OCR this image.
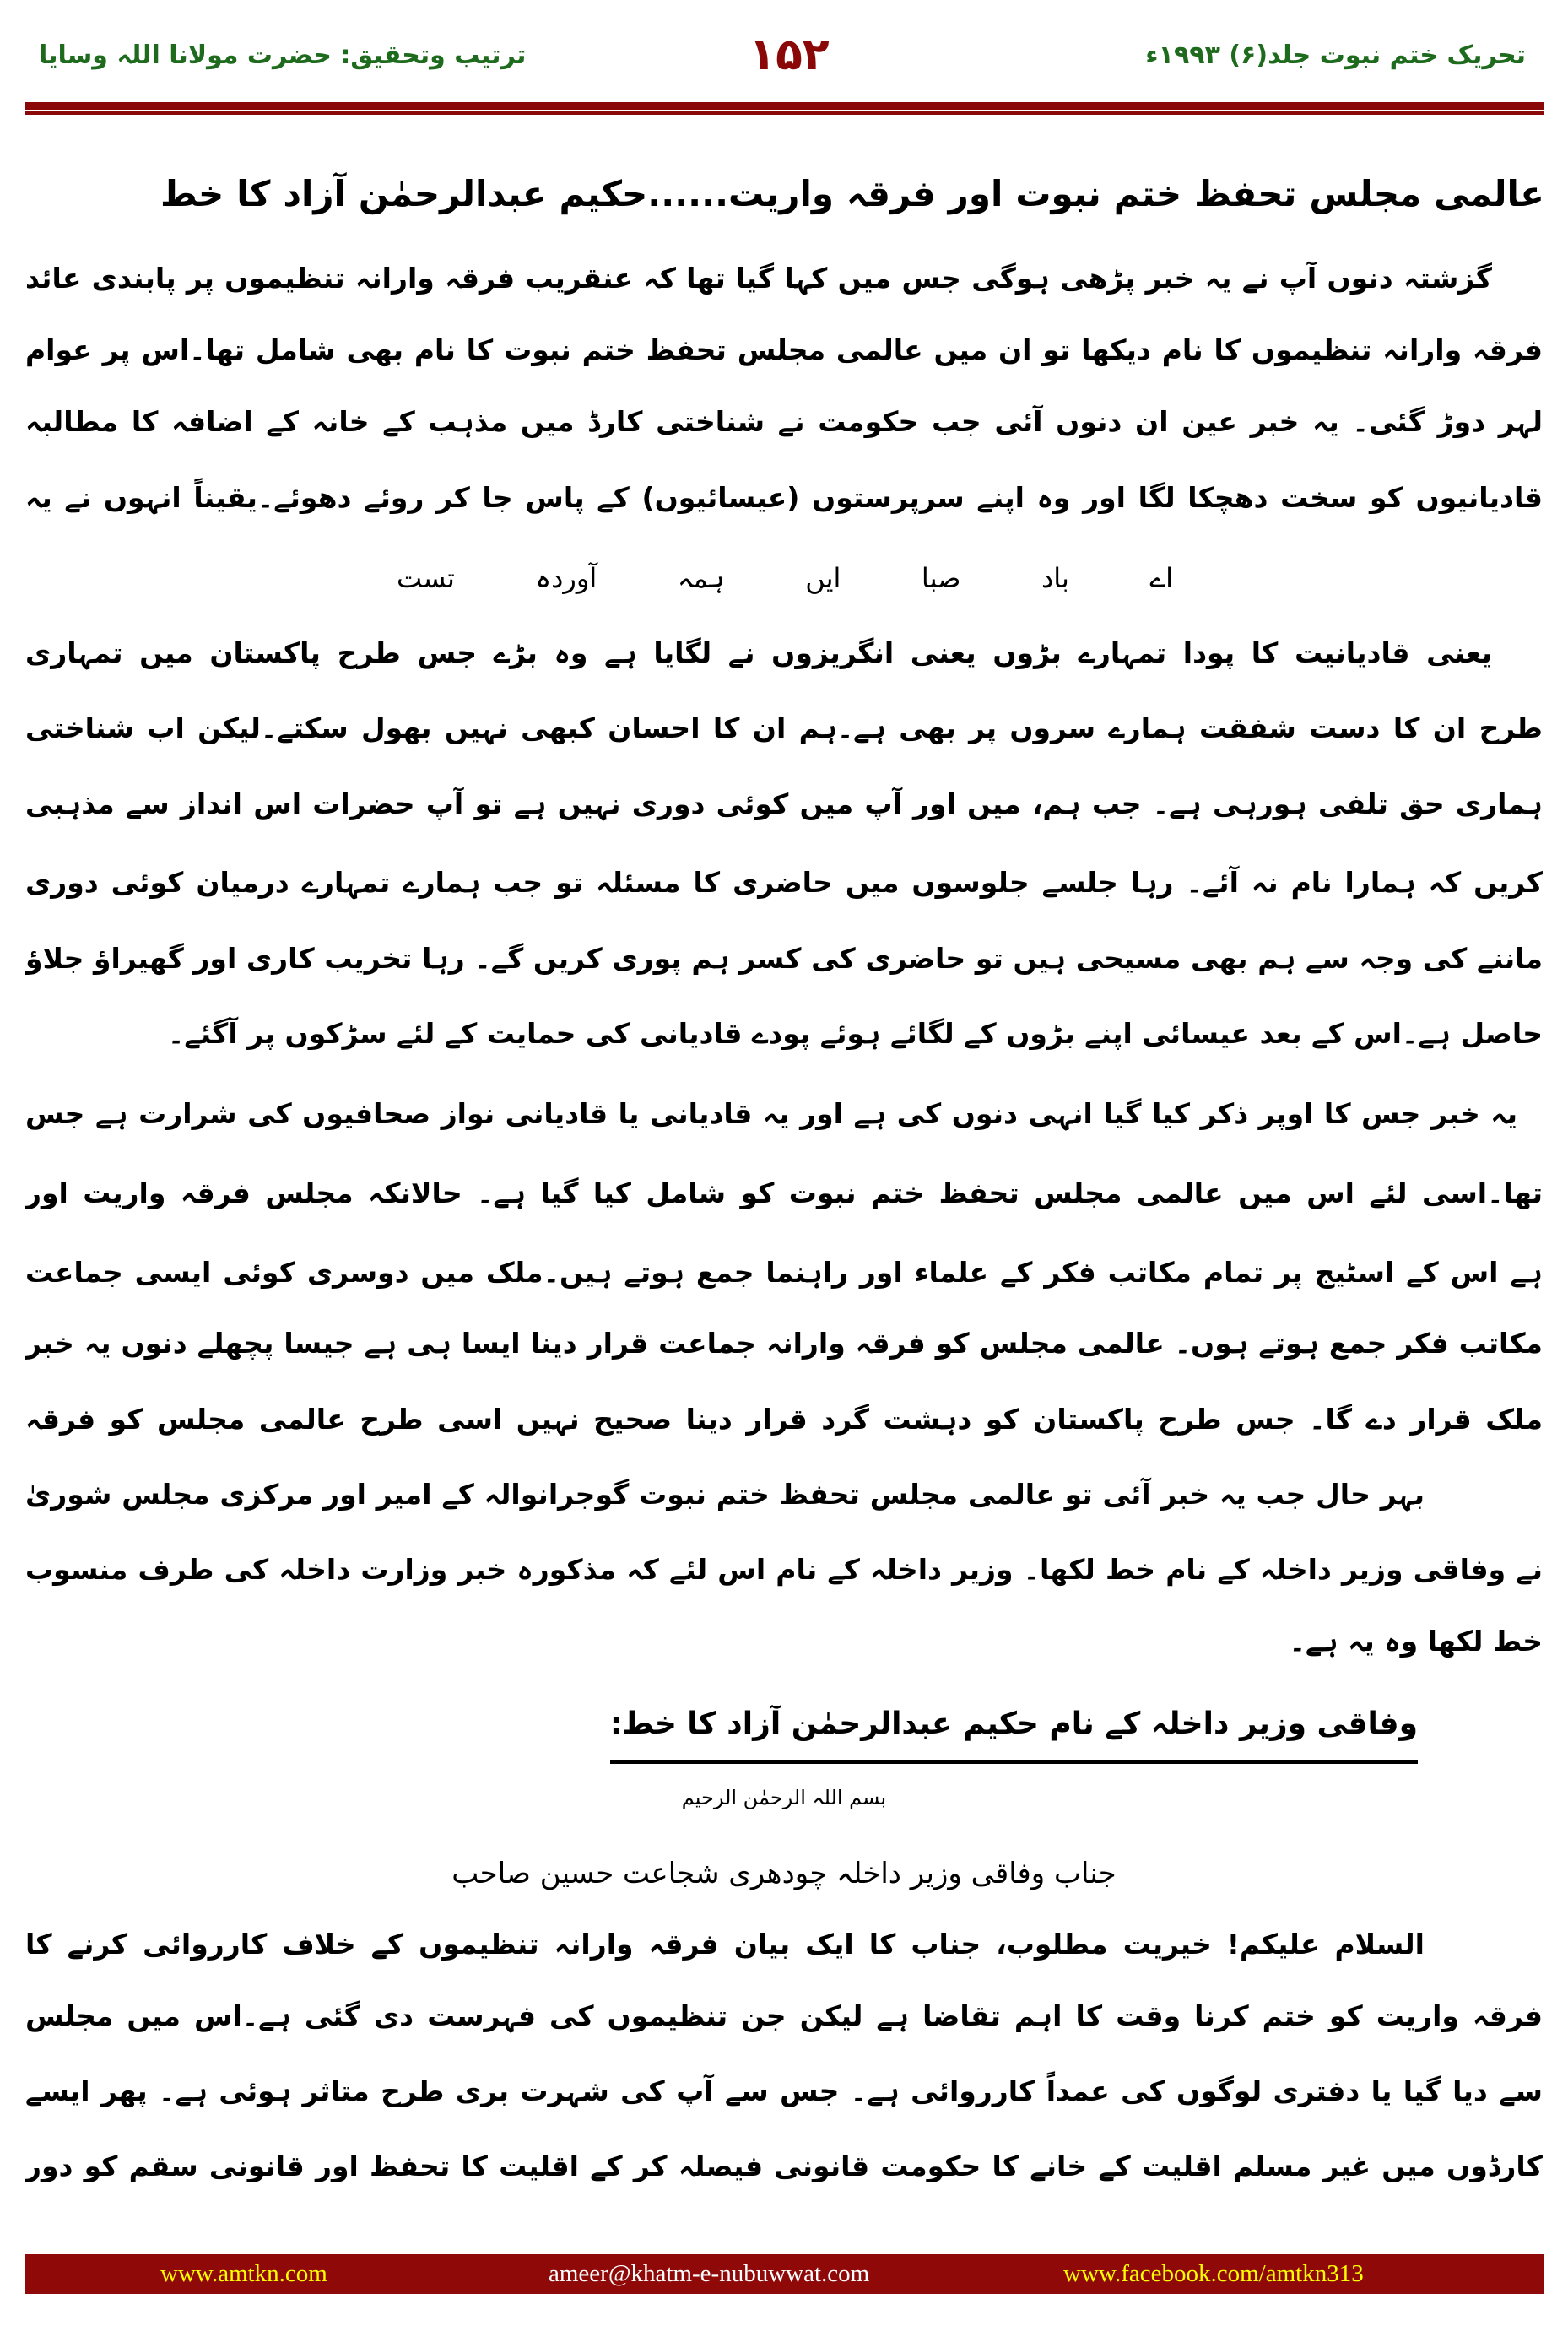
تحریک ختم نبوت جلد(۶) ۱۹۹۳ء
۱۵۲
ترتیب وتحقیق: حضرت مولانا اللہ وسایا
عالمی مجلس تحفظ ختم نبوت اور فرقہ واریت......حکیم عبدالرحمٰن آزاد کا خط
گزشتہ دنوں آپ نے یہ خبر پڑھی ہوگی جس میں کہا گیا تھا کہ عنقریب فرقہ وارانہ تنظیموں پر پابندی عائد
فرقہ وارانہ تنظیموں کا نام دیکھا تو ان میں عالمی مجلس تحفظ ختم نبوت کا نام بھی شامل تھا۔اس پر عوام
لہر دوڑ گئی۔ یہ خبر عین ان دنوں آئی جب حکومت نے شناختی کارڈ میں مذہب کے خانہ کے اضافہ کا مطالبہ
قادیانیوں کو سخت دھچکا لگا اور وہ اپنے سرپرستوں (عیسائیوں) کے پاس جا کر روئے دھوئے۔یقیناً انہوں نے یہ
اے
باد
صبا
ایں
ہمہ
آوردہ
تست
یعنی قادیانیت کا پودا تمہارے بڑوں یعنی انگریزوں نے لگایا ہے وہ بڑے جس طرح پاکستان میں تمہاری
طرح ان کا دست شفقت ہمارے سروں پر بھی ہے۔ہم ان کا احسان کبھی نہیں بھول سکتے۔لیکن اب شناختی
ہماری حق تلفی ہورہی ہے۔ جب ہم، میں اور آپ میں کوئی دوری نہیں ہے تو آپ حضرات اس انداز سے مذہبی
کریں کہ ہمارا نام نہ آئے۔ رہا جلسے جلوسوں میں حاضری کا مسئلہ تو جب ہمارے تمہارے درمیان کوئی دوری
ماننے کی وجہ سے ہم بھی مسیحی ہیں تو حاضری کی کسر ہم پوری کریں گے۔ رہا تخریب کاری اور گھیراؤ جلاؤ
حاصل ہے۔اس کے بعد عیسائی اپنے بڑوں کے لگائے ہوئے پودے قادیانی کی حمایت کے لئے سڑکوں پر آگئے۔
یہ خبر جس کا اوپر ذکر کیا گیا انہی دنوں کی ہے اور یہ قادیانی یا قادیانی نواز صحافیوں کی شرارت ہے جس
تھا۔اسی لئے اس میں عالمی مجلس تحفظ ختم نبوت کو شامل کیا گیا ہے۔ حالانکہ مجلس فرقہ واریت اور
ہے اس کے اسٹیج پر تمام مکاتب فکر کے علماء اور راہنما جمع ہوتے ہیں۔ملک میں دوسری کوئی ایسی جماعت
مکاتب فکر جمع ہوتے ہوں۔ عالمی مجلس کو فرقہ وارانہ جماعت قرار دینا ایسا ہی ہے جیسا پچھلے دنوں یہ خبر
ملک قرار دے گا۔ جس طرح پاکستان کو دہشت گرد قرار دینا صحیح نہیں اسی طرح عالمی مجلس کو فرقہ
بہر حال جب یہ خبر آئی تو عالمی مجلس تحفظ ختم نبوت گوجرانوالہ کے امیر اور مرکزی مجلس شوریٰ
نے وفاقی وزیر داخلہ کے نام خط لکھا۔ وزیر داخلہ کے نام اس لئے کہ مذکورہ خبر وزارت داخلہ کی طرف منسوب
خط لکھا وہ یہ ہے۔
وفاقی وزیر داخلہ کے نام حکیم عبدالرحمٰن آزاد کا خط:
بسم اللہ الرحمٰن الرحیم
جناب وفاقی وزیر داخلہ چودھری شجاعت حسین صاحب
السلام علیکم! خیریت مطلوب، جناب کا ایک بیان فرقہ وارانہ تنظیموں کے خلاف کارروائی کرنے کا
فرقہ واریت کو ختم کرنا وقت کا اہم تقاضا ہے لیکن جن تنظیموں کی فہرست دی گئی ہے۔اس میں مجلس
سے دیا گیا یا دفتری لوگوں کی عمداً کارروائی ہے۔ جس سے آپ کی شہرت بری طرح متاثر ہوئی ہے۔ پھر ایسے
کارڈوں میں غیر مسلم اقلیت کے خانے کا حکومت قانونی فیصلہ کر کے اقلیت کا تحفظ اور قانونی سقم کو دور
www.amtkn.com	ameer@khatm-e-nubuwwat.com	www.facebook.com/amtkn313
